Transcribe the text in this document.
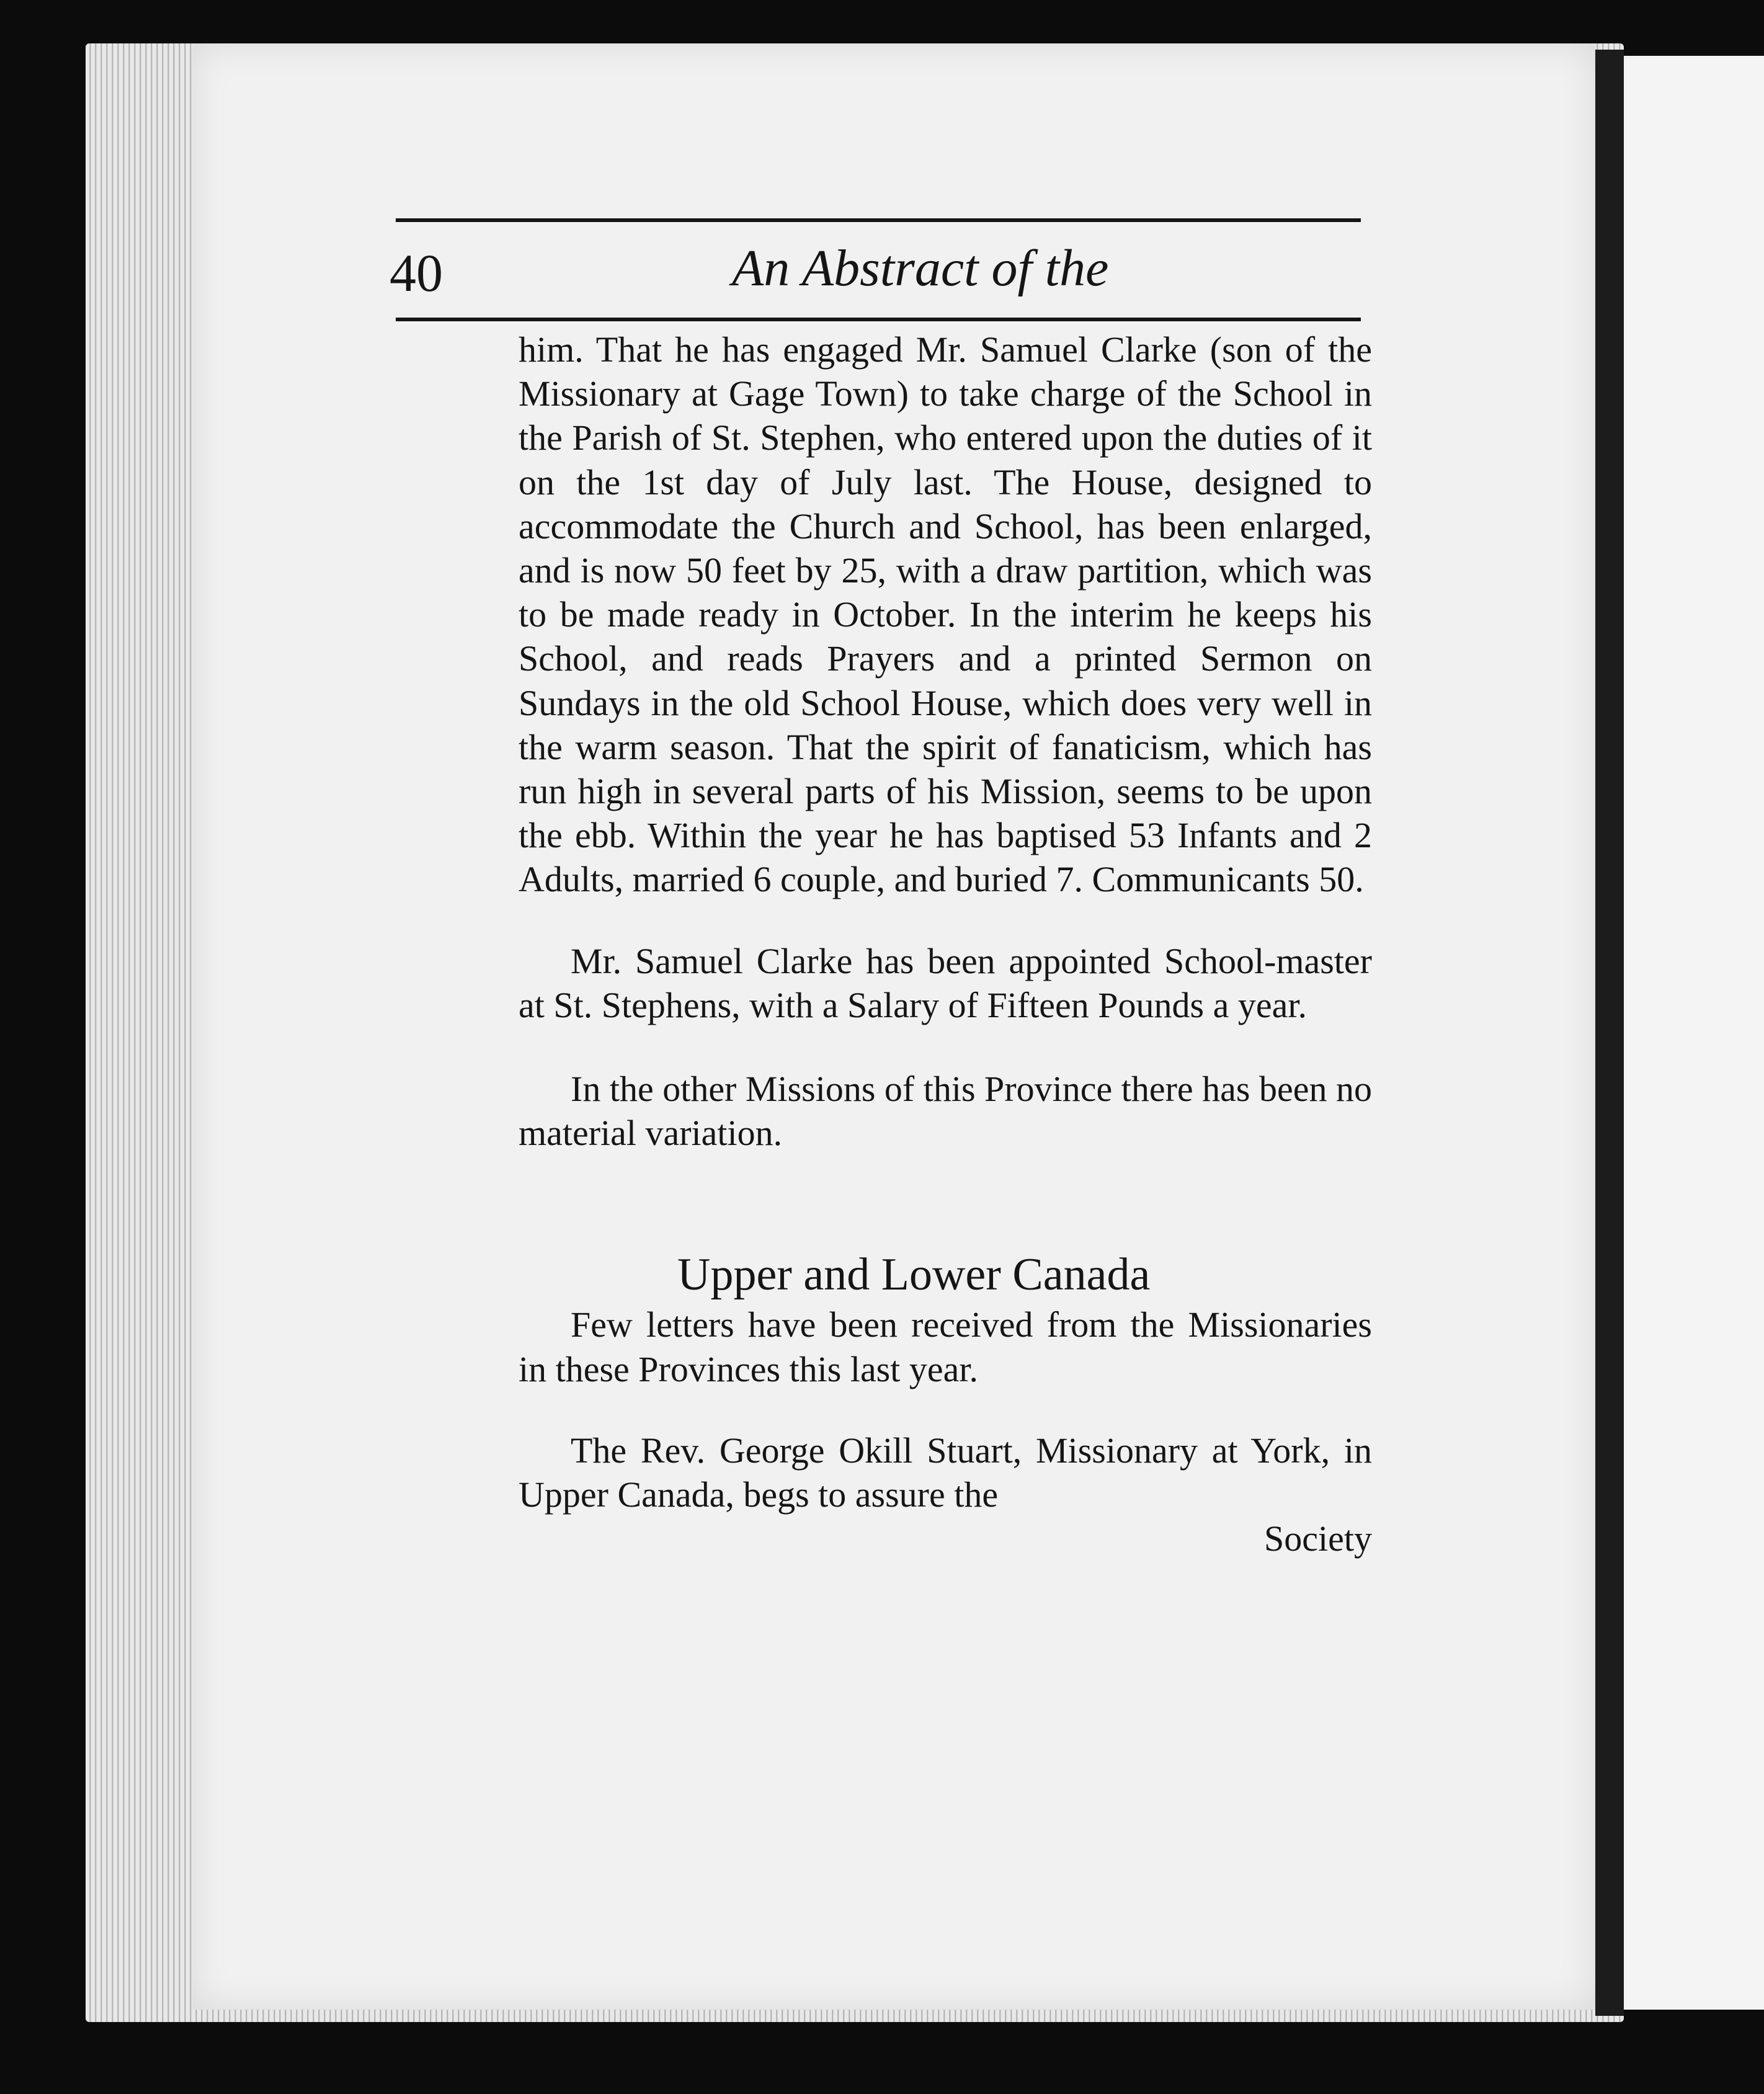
40	An Abstract of the

him. That he has engaged Mr. Samuel Clarke (son of the Missionary at Gage Town) to take charge of the School in the Parish of St. Stephen, who entered upon the duties of it on the 1st day of July last. The House, designed to accommodate the Church and School, has been enlarged, and is now 50 feet by 25, with a draw partition, which was to be made ready in October. In the interim he keeps his School, and reads Prayers and a printed Sermon on Sundays in the old School House, which does very well in the warm season. That the spirit of fanaticism, which has run high in several parts of his Mission, seems to be upon the ebb. Within the year he has baptised 53 Infants and 2 Adults, married 6 couple, and buried 7. Communicants 50.

Mr. Samuel Clarke has been appointed School-master at St. Stephens, with a Salary of Fifteen Pounds a year.

In the other Missions of this Province there has been no material variation.

Upper and Lower Canada

Few letters have been received from the Missionaries in these Provinces this last year.

The Rev. George Okill Stuart, Missionary at York, in Upper Canada, begs to assure the

Society
